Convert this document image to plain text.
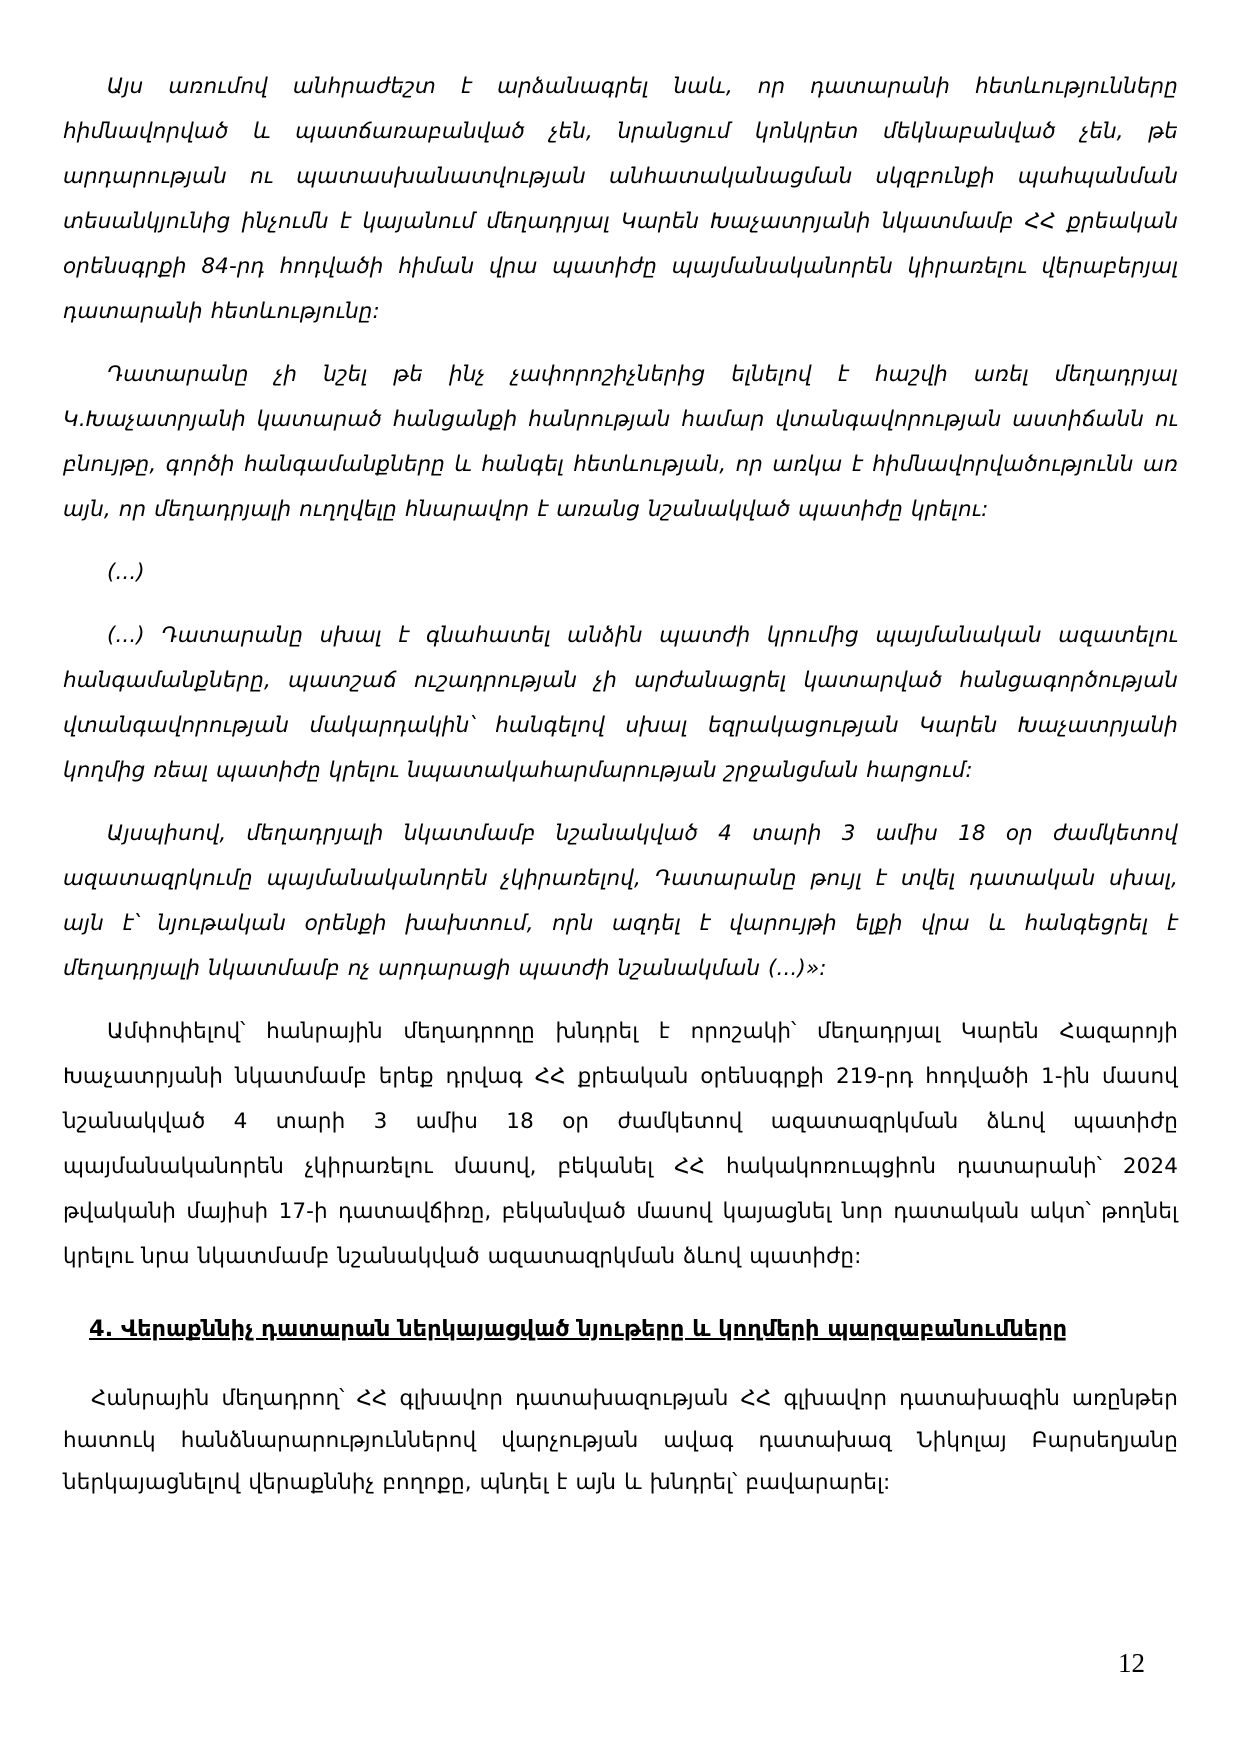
Այս առումով անհրաժեշտ է արձանագրել նաև, որ դատարանի հետևությունները հիմնավորված և պատճառաբանված չեն, նրանցում կոնկրետ մեկնաբանված չեն, թե արդարության ու պատասխանատվության անհատականացման սկզբունքի պահպանման տեսանկյունից ինչումն է կայանում մեղադրյալ Կարեն Խաչատրյանի նկատմամբ ՀՀ քրեական օրենսգրքի 84-րդ հոդվածի հիման վրա պատիժը պայմանականորեն կիրառելու վերաբերյալ դատարանի հետևությունը:

Դատարանը չի նշել թե ինչ չափորոշիչներից ելնելով է հաշվի առել մեղադրյալ Կ.Խաչատրյանի կատարած հանցանքի հանրության համար վտանգավորության աստիճանն ու բնույթը, գործի հանգամանքները և հանգել հետևության, որ առկա է հիմնավորվածությունն առ այն, որ մեղադրյալի ուղղվելը հնարավոր է առանց նշանակված պատիժը կրելու:

(...)

(...) Դատարանը սխալ է գնահատել անձին պատժի կրումից պայմանական ազատելու հանգամանքները, պատշաճ ուշադրության չի արժանացրել կատարված հանցագործության վտանգավորության մակարդակին՝ հանգելով սխալ եզրակացության Կարեն Խաչատրյանի կողմից ռեալ պատիժը կրելու նպատակահարմարության շրջանցման հարցում:

Այսպիսով, մեղադրյալի նկատմամբ նշանակված 4 տարի 3 ամիս 18 օր ժամկետով ազատազրկումը պայմանականորեն չկիրառելով, Դատարանը թույլ է տվել դատական սխալ, այն է՝ նյութական օրենքի խախտում, որն ազդել է վարույթի ելքի վրա և հանգեցրել է մեղադրյալի նկատմամբ ոչ արդարացի պատժի նշանակման (...)»:

Ամփոփելով՝ հանրային մեղադրողը խնդրել է որոշակի՝ մեղադրյալ Կարեն Հազարոյի Խաչատրյանի նկատմամբ երեք դրվագ ՀՀ քրեական օրենսգրքի 219-րդ հոդվածի 1-ին մասով նշանակված 4 տարի 3 ամիս 18 օր ժամկետով ազատազրկման ձևով պատիժը պայմանականորեն չկիրառելու մասով, բեկանել ՀՀ հակակոռուպցիոն դատարանի՝ 2024 թվականի մայիսի 17-ի դատավճիռը, բեկանված մասով կայացնել նոր դատական ակտ՝ թողնել կրելու նրա նկատմամբ նշանակված ազատազրկման ձևով պատիժը:

4. Վերաքննիչ դատարան ներկայացված նյութերը և կողմերի պարզաբանումները

Հանրային մեղադրող՝ ՀՀ գլխավոր դատախազության ՀՀ գլխավոր դատախազին առընթեր հատուկ հանձնարարություններով վարչության ավագ դատախազ Նիկոլայ Բարսեղյանը ներկայացնելով վերաքննիչ բողոքը, պնդել է այն և խնդրել՝ բավարարել:

12
